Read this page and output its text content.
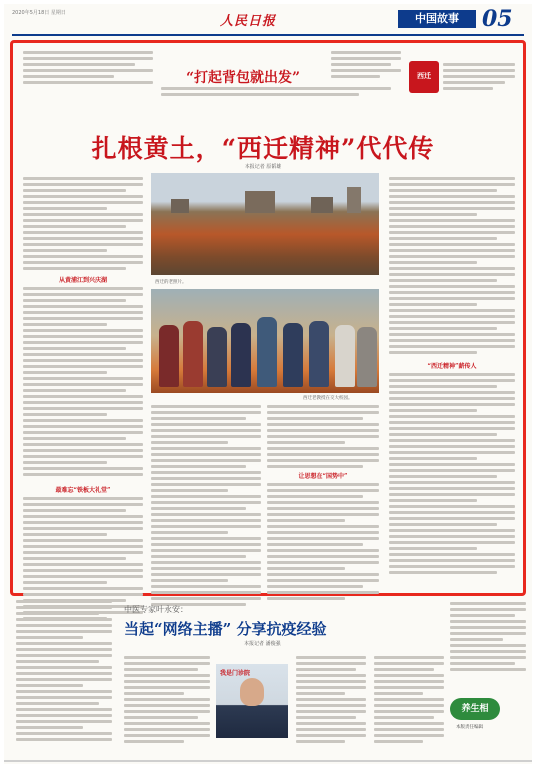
2020年5月18日 星期日
人民日报	中国故事	05
“打起背包就出发”	西迁
扎根黄土，“西迁精神”代代传
本报记者 原韬雄
从黄浦江到兴庆湖
最难忘“铁板大礼堂”
西迁的老照片。
西迁老教授在交大校园。
让思想在“国势中”
“西迁精神”薪传人
中医专家叶永安：
当起“网络主播” 分享抗疫经验
本报记者 潘俊强
我是门诊院
养生相
本版责任编辑
